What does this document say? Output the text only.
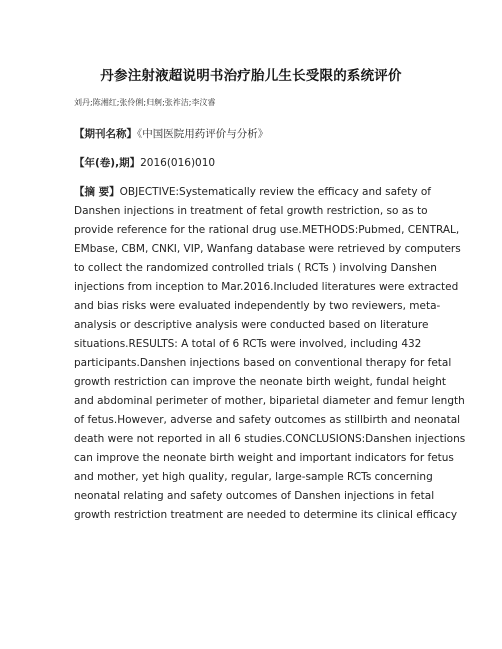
丹参注射液超说明书治疗胎儿生长受限的系统评价
刘丹;陈湘红;张伶俐;归舸;张祚洁;李汶睿
【期刊名称】《中国医院用药评价与分析》
【年(卷),期】2016(016)010
【摘 要】OBJECTIVE:Systematically review the efficacy and safety of
Danshen injections in treatment of fetal growth restriction, so as to
provide reference for the rational drug use.METHODS:Pubmed, CENTRAL,
EMbase, CBM, CNKI, VIP, Wanfang database were retrieved by computers
to collect the randomized controlled trials ( RCTs ) involving Danshen
injections from inception to Mar.2016.Included literatures were extracted
and bias risks were evaluated independently by two reviewers, meta-
analysis or descriptive analysis were conducted based on literature
situations.RESULTS: A total of 6 RCTs were involved, including 432
participants.Danshen injections based on conventional therapy for fetal
growth restriction can improve the neonate birth weight, fundal height
and abdominal perimeter of mother, biparietal diameter and femur length
of fetus.However, adverse and safety outcomes as stillbirth and neonatal
death were not reported in all 6 studies.CONCLUSIONS:Danshen injections
can improve the neonate birth weight and important indicators for fetus
and mother, yet high quality, regular, large-sample RCTs concerning
neonatal relating and safety outcomes of Danshen injections in fetal
growth restriction treatment are needed to determine its clinical efficacy
